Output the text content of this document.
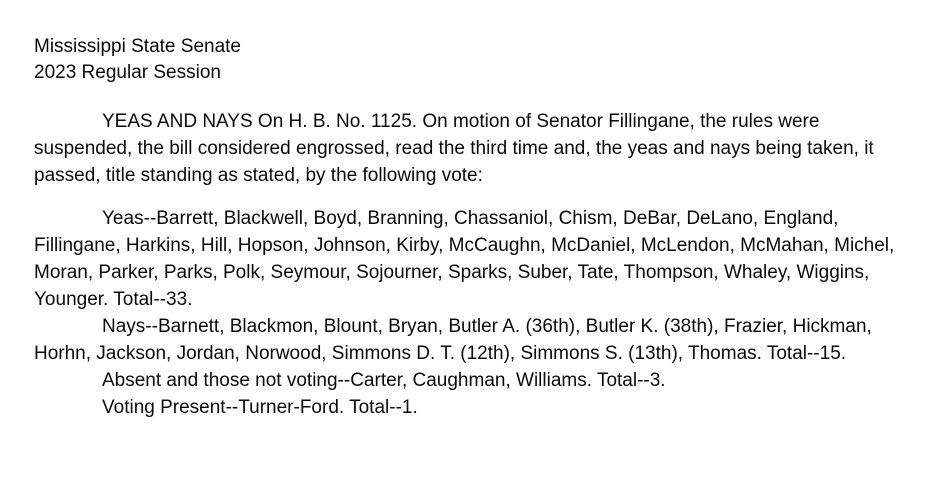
Mississippi State Senate
2023 Regular Session

YEAS AND NAYS On H. B. No. 1125. On motion of Senator Fillingane, the rules were suspended, the bill considered engrossed, read the third time and, the yeas and nays being taken, it passed, title standing as stated, by the following vote:

Yeas--Barrett, Blackwell, Boyd, Branning, Chassaniol, Chism, DeBar, DeLano, England, Fillingane, Harkins, Hill, Hopson, Johnson, Kirby, McCaughn, McDaniel, McLendon, McMahan, Michel, Moran, Parker, Parks, Polk, Seymour, Sojourner, Sparks, Suber, Tate, Thompson, Whaley, Wiggins, Younger. Total--33.

Nays--Barnett, Blackmon, Blount, Bryan, Butler A. (36th), Butler K. (38th), Frazier, Hickman, Horhn, Jackson, Jordan, Norwood, Simmons D. T. (12th), Simmons S. (13th), Thomas. Total--15.

Absent and those not voting--Carter, Caughman, Williams. Total--3.

Voting Present--Turner-Ford. Total--1.
